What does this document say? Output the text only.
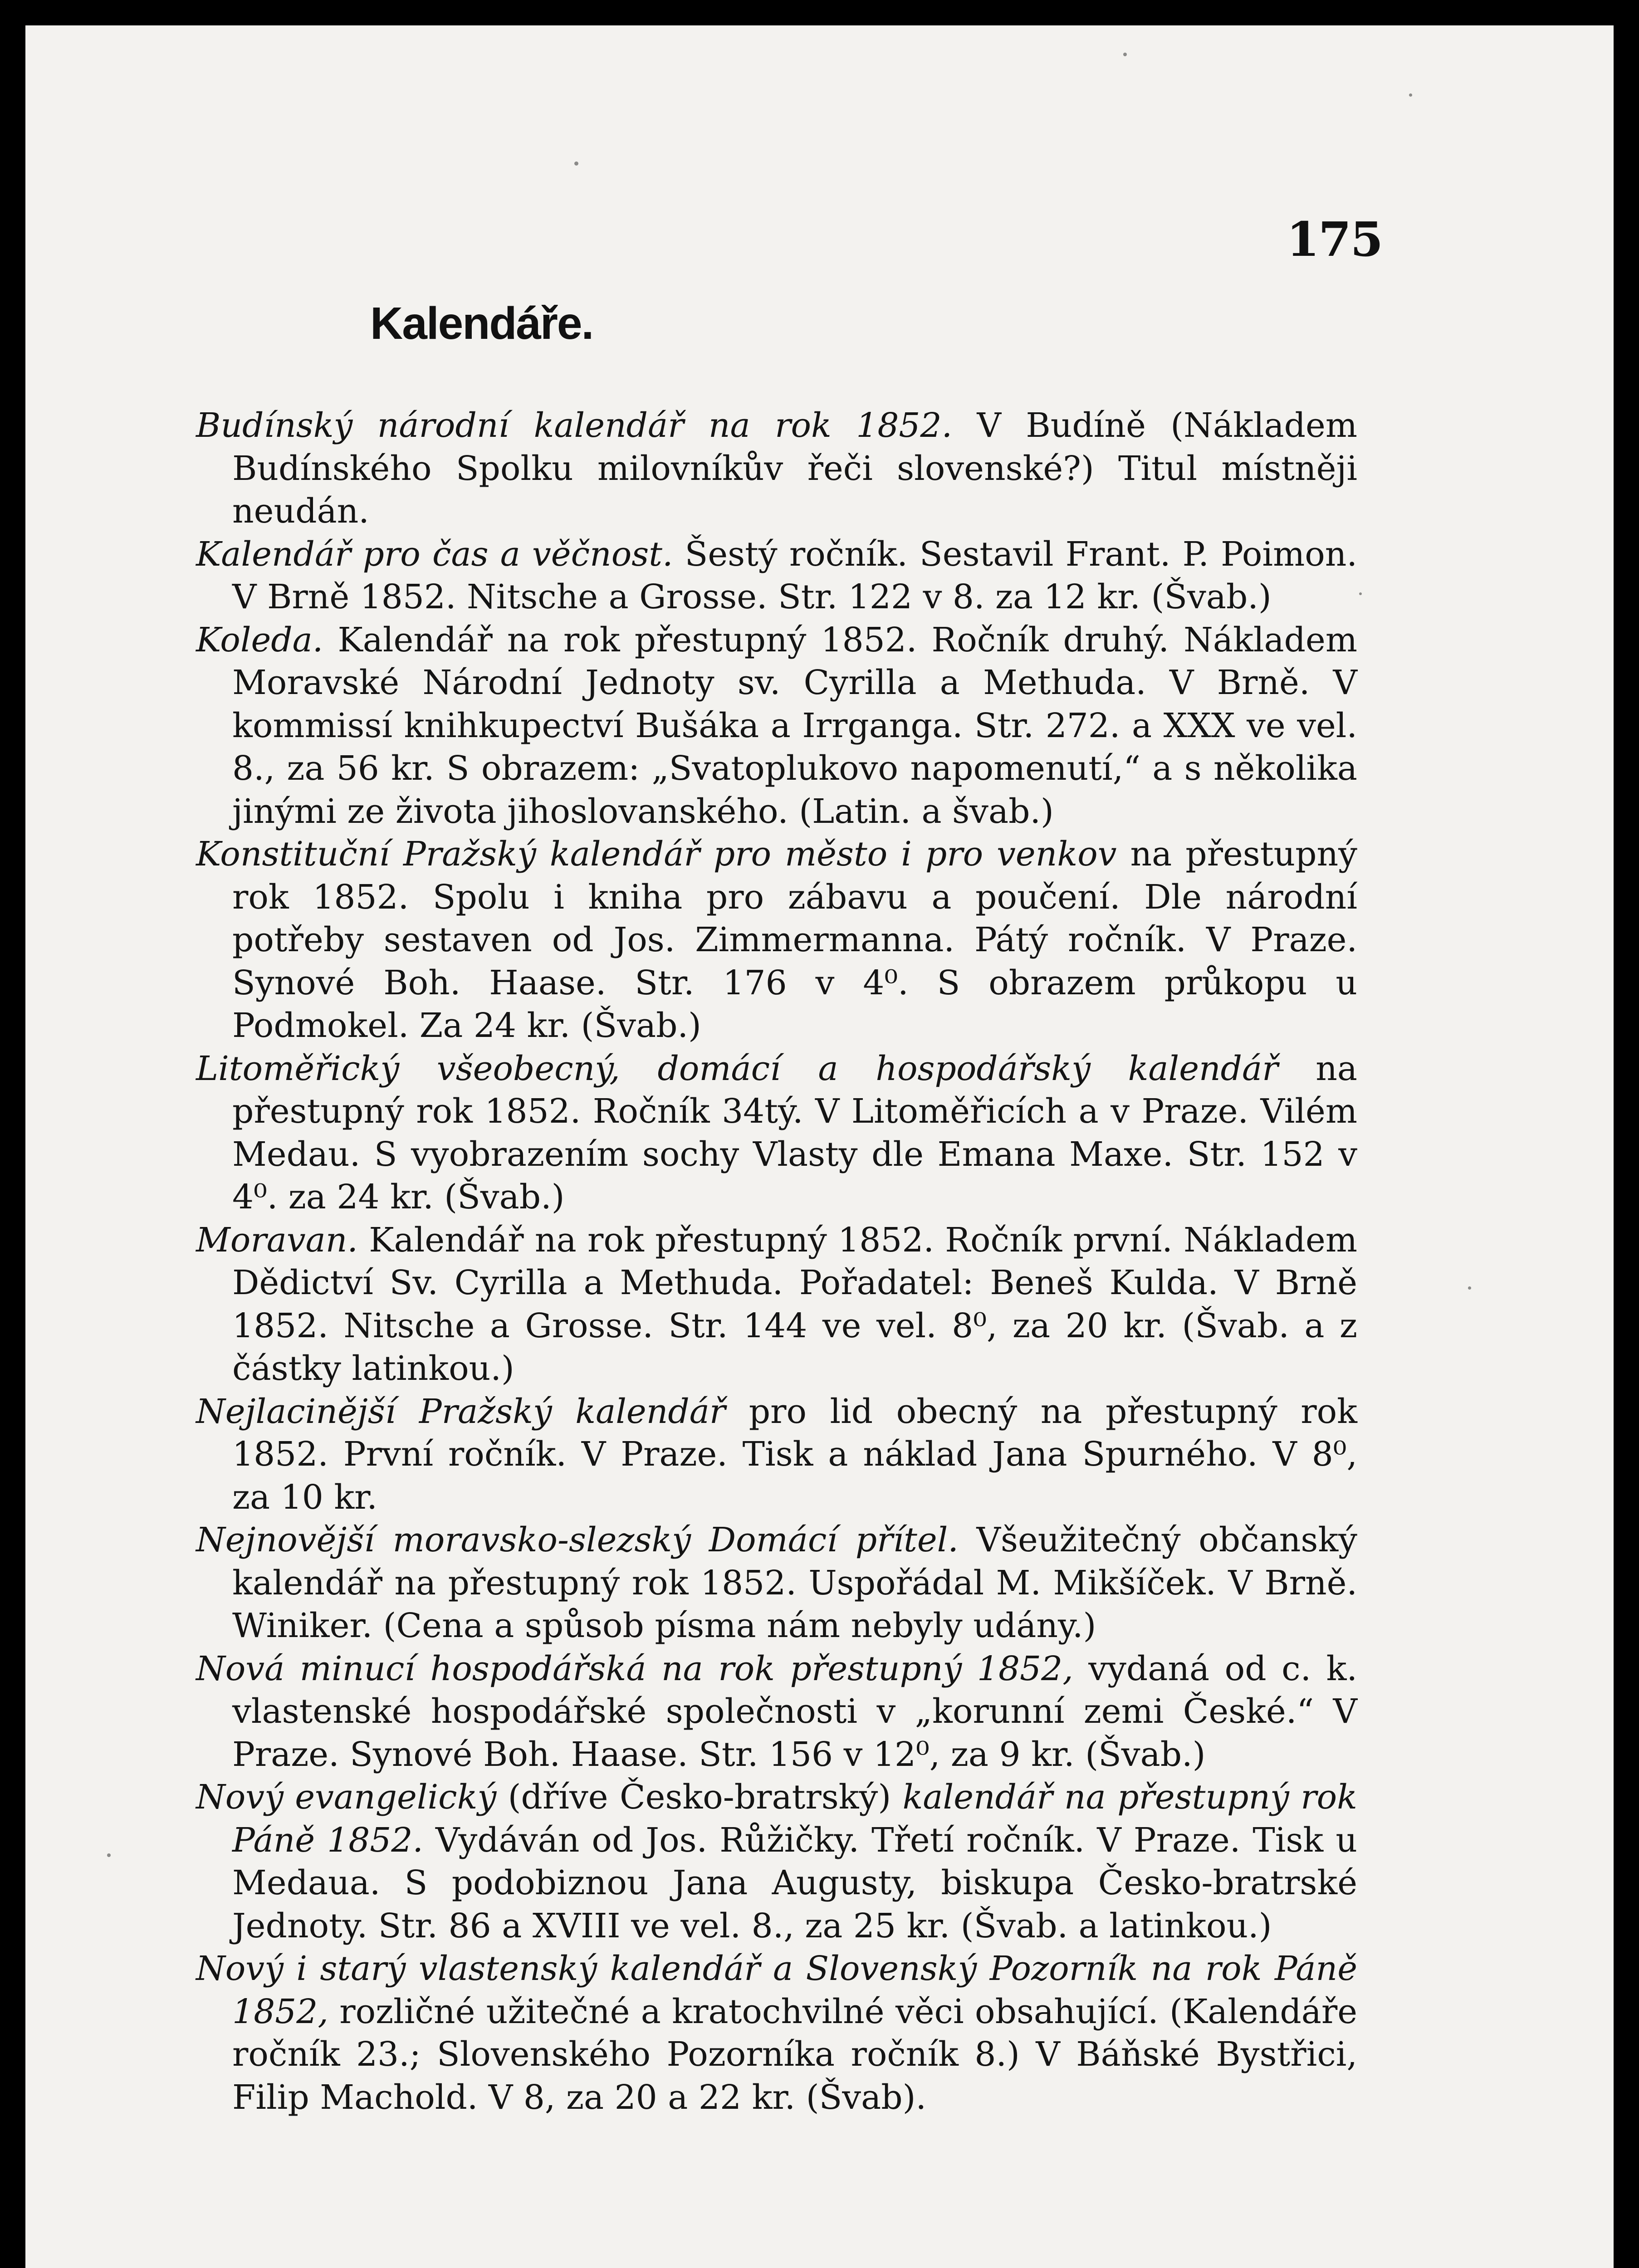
175
Kalendáře.

Budínský národní kalendář na rok 1852. V Budíně (Nákladem Budínského Spolku milovníkův řeči slovenské?) Titul místněji neudán.

Kalendář pro čas a věčnost. Šestý ročník. Sestavil Frant. P. Poimon. V Brně 1852. Nitsche a Grosse. Str. 122 v 8. za 12 kr. (Švab.)

Koleda. Kalendář na rok přestupný 1852. Ročník druhý. Nákladem Moravské Národní Jednoty sv. Cyrilla a Methuda. V Brně. V kommissí knihkupectví Bušáka a Irrganga. Str. 272. a XXX ve vel. 8., za 56 kr. S obrazem: „Svatoplukovo napomenutí,“ a s několika jinými ze života jihoslovanského. (Latin. a švab.)

Konstituční Pražský kalendář pro město i pro venkov na přestupný rok 1852. Spolu i kniha pro zábavu a poučení. Dle národní potřeby sestaven od Jos. Zimmermanna. Pátý ročník. V Praze. Synové Boh. Haase. Str. 176 v 4⁰. S obrazem průkopu u Podmokel. Za 24 kr. (Švab.)

Litoměřický všeobecný, domácí a hospodářský kalendář na přestupný rok 1852. Ročník 34tý. V Litoměřicích a v Praze. Vilém Medau. S vyobrazením sochy Vlasty dle Emana Maxe. Str. 152 v 4⁰. za 24 kr. (Švab.)

Moravan. Kalendář na rok přestupný 1852. Ročník první. Nákladem Dědictví Sv. Cyrilla a Methuda. Pořadatel: Beneš Kulda. V Brně 1852. Nitsche a Grosse. Str. 144 ve vel. 8⁰, za 20 kr. (Švab. a z částky latinkou.)

Nejlacinější Pražský kalendář pro lid obecný na přestupný rok 1852. První ročník. V Praze. Tisk a náklad Jana Spurného. V 8⁰, za 10 kr.

Nejnovější moravsko-slezský Domácí přítel. Všeužitečný občanský kalendář na přestupný rok 1852. Uspořádal M. Mikšíček. V Brně. Winiker. (Cena a spůsob písma nám nebyly udány.)

Nová minucí hospodářská na rok přestupný 1852, vydaná od c. k. vlastenské hospodářské společnosti v „korunní zemi České.“ V Praze. Synové Boh. Haase. Str. 156 v 12⁰, za 9 kr. (Švab.)

Nový evangelický (dříve Česko-bratrský) kalendář na přestupný rok Páně 1852. Vydáván od Jos. Růžičky. Třetí ročník. V Praze. Tisk u Medaua. S podobiznou Jana Augusty, biskupa Česko-bratrské Jednoty. Str. 86 a XVIII ve vel. 8., za 25 kr. (Švab. a latinkou.)

Nový i starý vlastenský kalendář a Slovenský Pozorník na rok Páně 1852, rozličné užitečné a kratochvilné věci obsahující. (Kalendáře ročník 23.; Slovenského Pozorníka ročník 8.) V Báňské Bystřici, Filip Machold. V 8, za 20 a 22 kr. (Švab).
